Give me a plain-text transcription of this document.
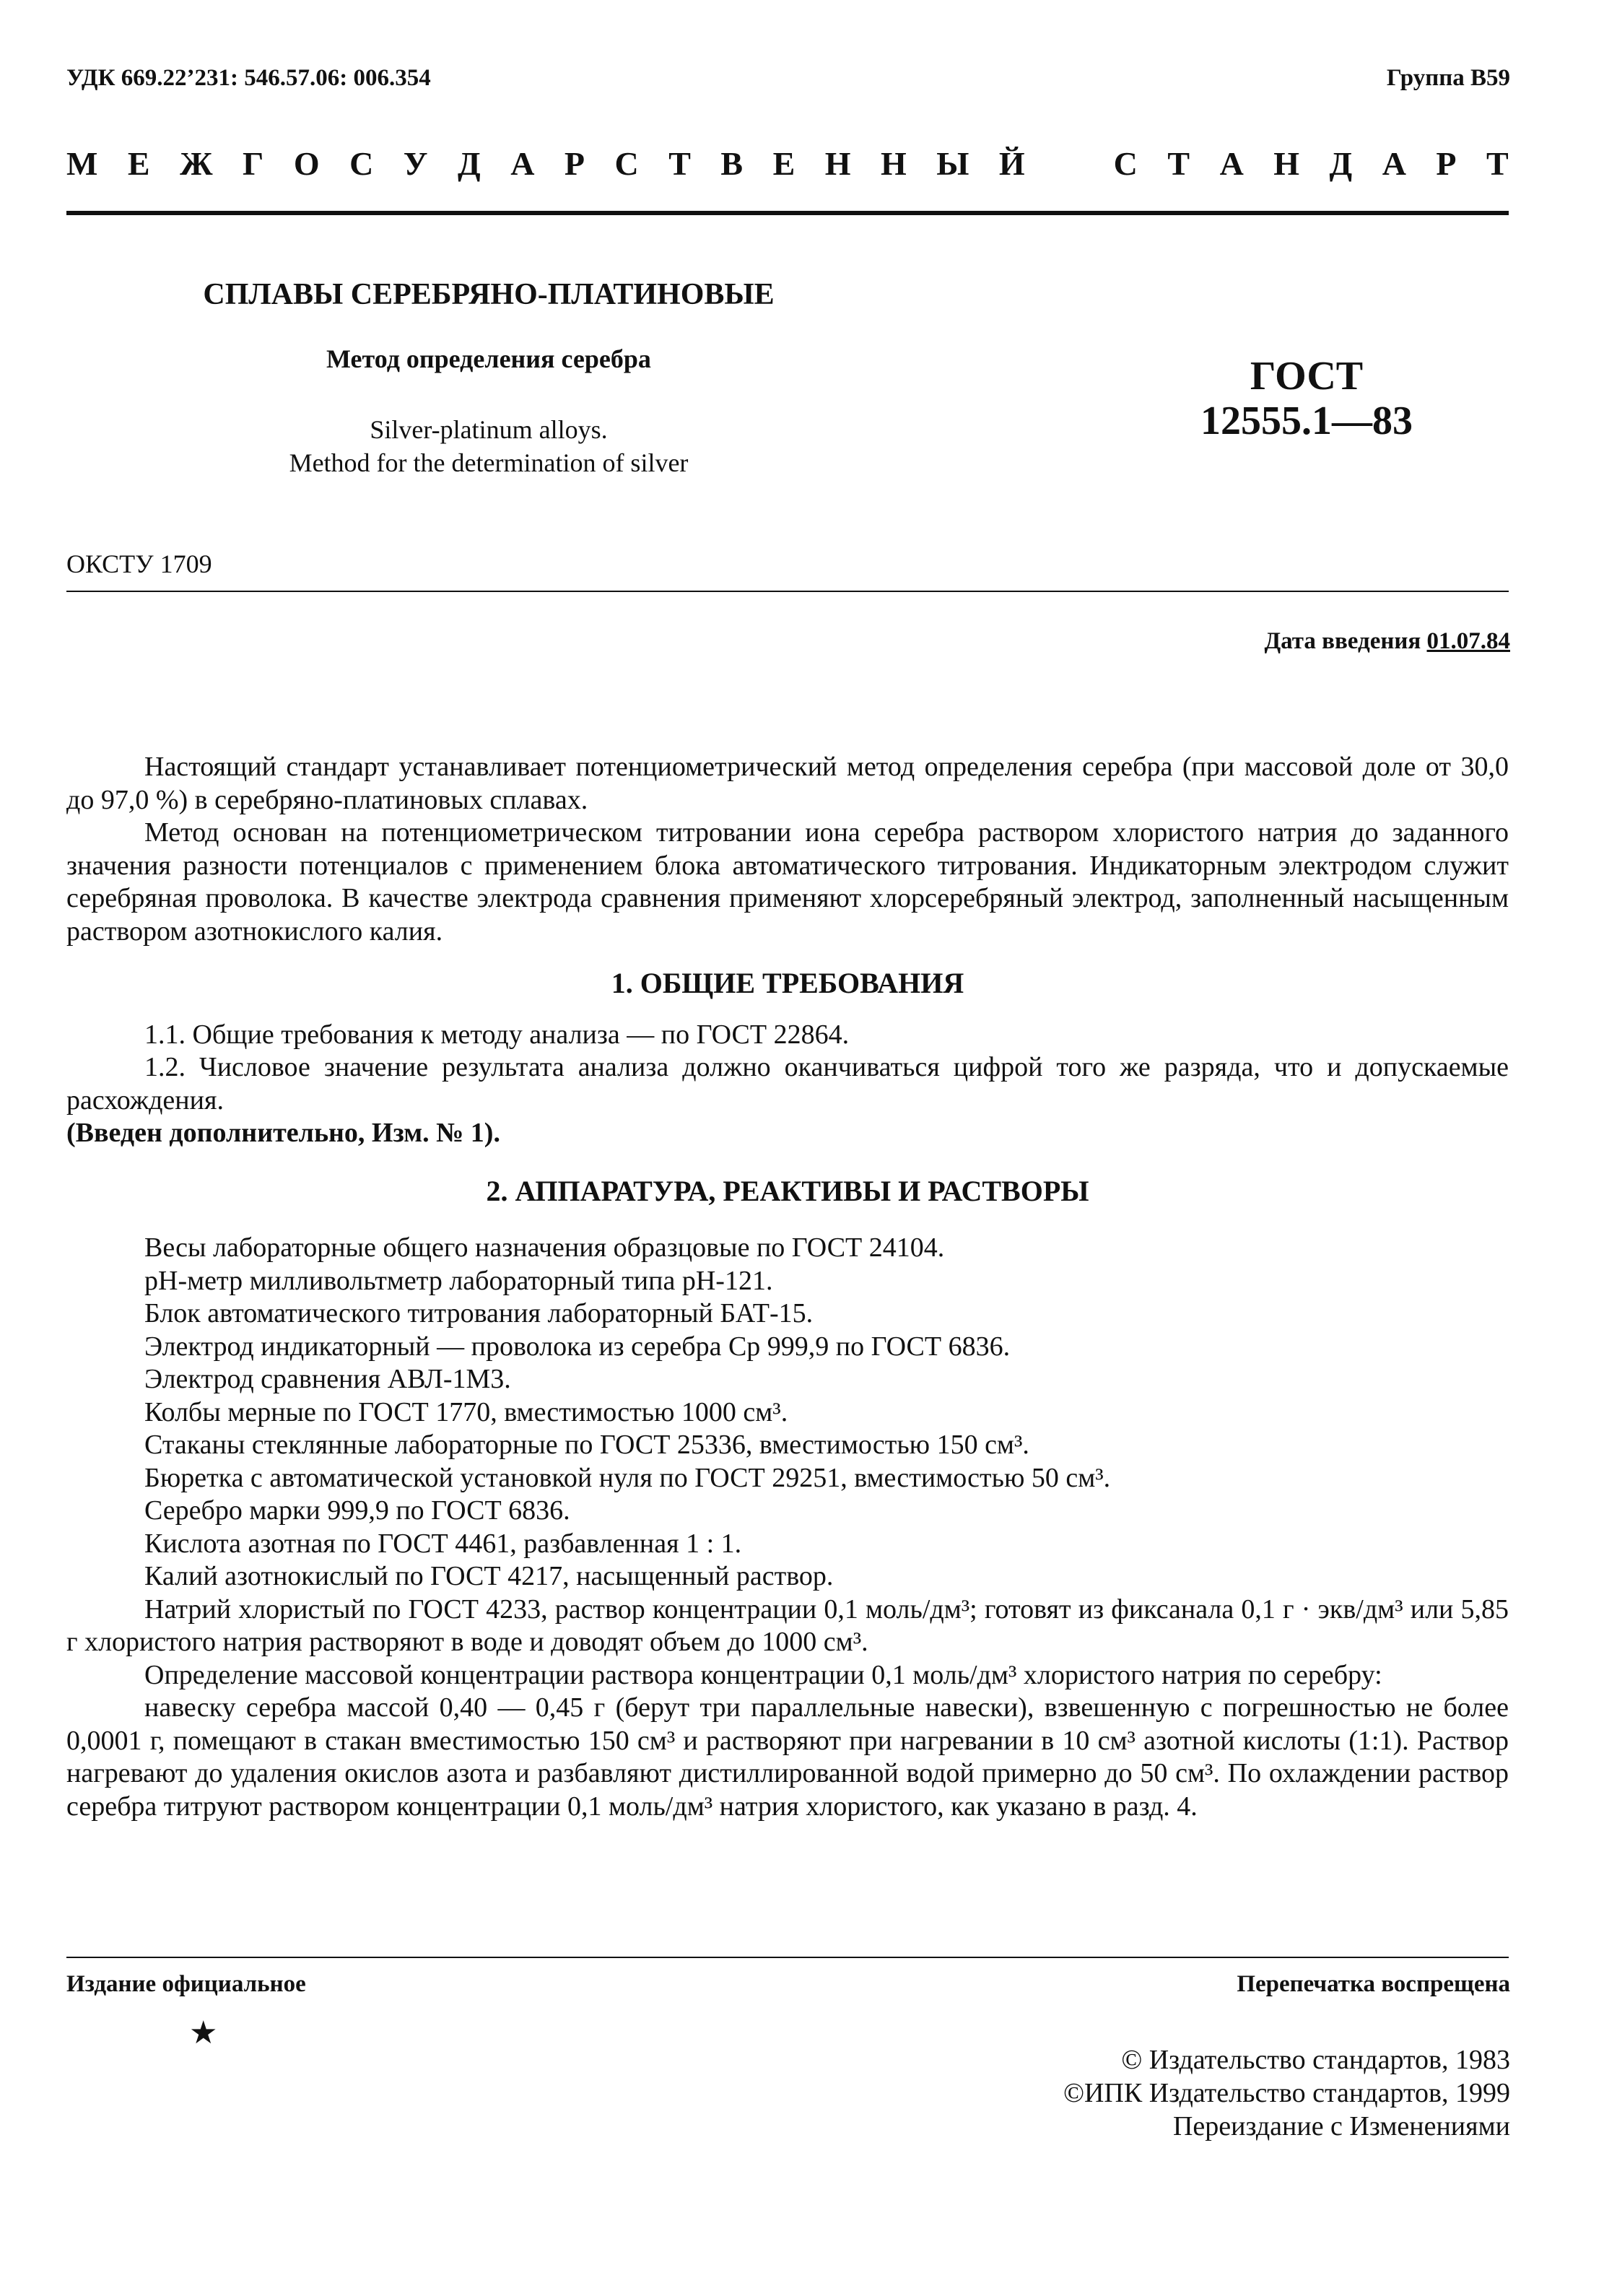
УДК 669.22’231: 546.57.06: 006.354	Группа В59
М Е Ж Г О С У Д А Р С Т В Е Н Н Ы Й	С Т А Н Д А Р Т
СПЛАВЫ СЕРЕБРЯНО-ПЛАТИНОВЫЕ
Метод определения серебра
Silver-platinum alloys.
Method for the determination of silver
ГОСТ
12555.1—83
ОКСТУ 1709
Дата введения 01.07.84

Настоящий стандарт устанавливает потенциометрический метод определения серебра (при массовой доле от 30,0 до 97,0 %) в серебряно-платиновых сплавах.

Метод основан на потенциометрическом титровании иона серебра раствором хлористого натрия до заданного значения разности потенциалов с применением блока автоматического титрования. Индикаторным электродом служит серебряная проволока. В качестве электрода сравнения применяют хлорсеребряный электрод, заполненный насыщенным раствором азотнокислого калия.

1. ОБЩИЕ ТРЕБОВАНИЯ

1.1. Общие требования к методу анализа — по ГОСТ 22864.

1.2. Числовое значение результата анализа должно оканчиваться цифрой того же разряда, что и допускаемые расхождения.

(Введен дополнительно, Изм. № 1).

2. АППАРАТУРА, РЕАКТИВЫ И РАСТВОРЫ

Весы лабораторные общего назначения образцовые по ГОСТ 24104.

pH-метр милливольтметр лабораторный типа pH-121.

Блок автоматического титрования лабораторный БАТ-15.

Электрод индикаторный — проволока из серебра Ср 999,9 по ГОСТ 6836.

Электрод сравнения АВЛ-1М3.

Колбы мерные по ГОСТ 1770, вместимостью 1000 см³.

Стаканы стеклянные лабораторные по ГОСТ 25336, вместимостью 150 см³.

Бюретка с автоматической установкой нуля по ГОСТ 29251, вместимостью 50 см³.

Серебро марки 999,9 по ГОСТ 6836.

Кислота азотная по ГОСТ 4461, разбавленная 1 : 1.

Калий азотнокислый по ГОСТ 4217, насыщенный раствор.

Натрий хлористый по ГОСТ 4233, раствор концентрации 0,1 моль/дм³; готовят из фиксанала 0,1 г · экв/дм³ или 5,85 г хлористого натрия растворяют в воде и доводят объем до 1000 см³.

Определение массовой концентрации раствора концентрации 0,1 моль/дм³ хлористого натрия по серебру:

навеску серебра массой 0,40 — 0,45 г (берут три параллельные навески), взвешенную с погрешностью не более 0,0001 г, помещают в стакан вместимостью 150 см³ и растворяют при нагревании в 10 см³ азотной кислоты (1:1). Раствор нагревают до удаления окислов азота и разбавляют дистиллированной водой примерно до 50 см³. По охлаждении раствор серебра титруют раствором концентрации 0,1 моль/дм³ натрия хлористого, как указано в разд. 4.

Издание официальное	Перепечатка воспрещена
★
© Издательство стандартов, 1983
©ИПК Издательство стандартов, 1999
Переиздание с Изменениями
